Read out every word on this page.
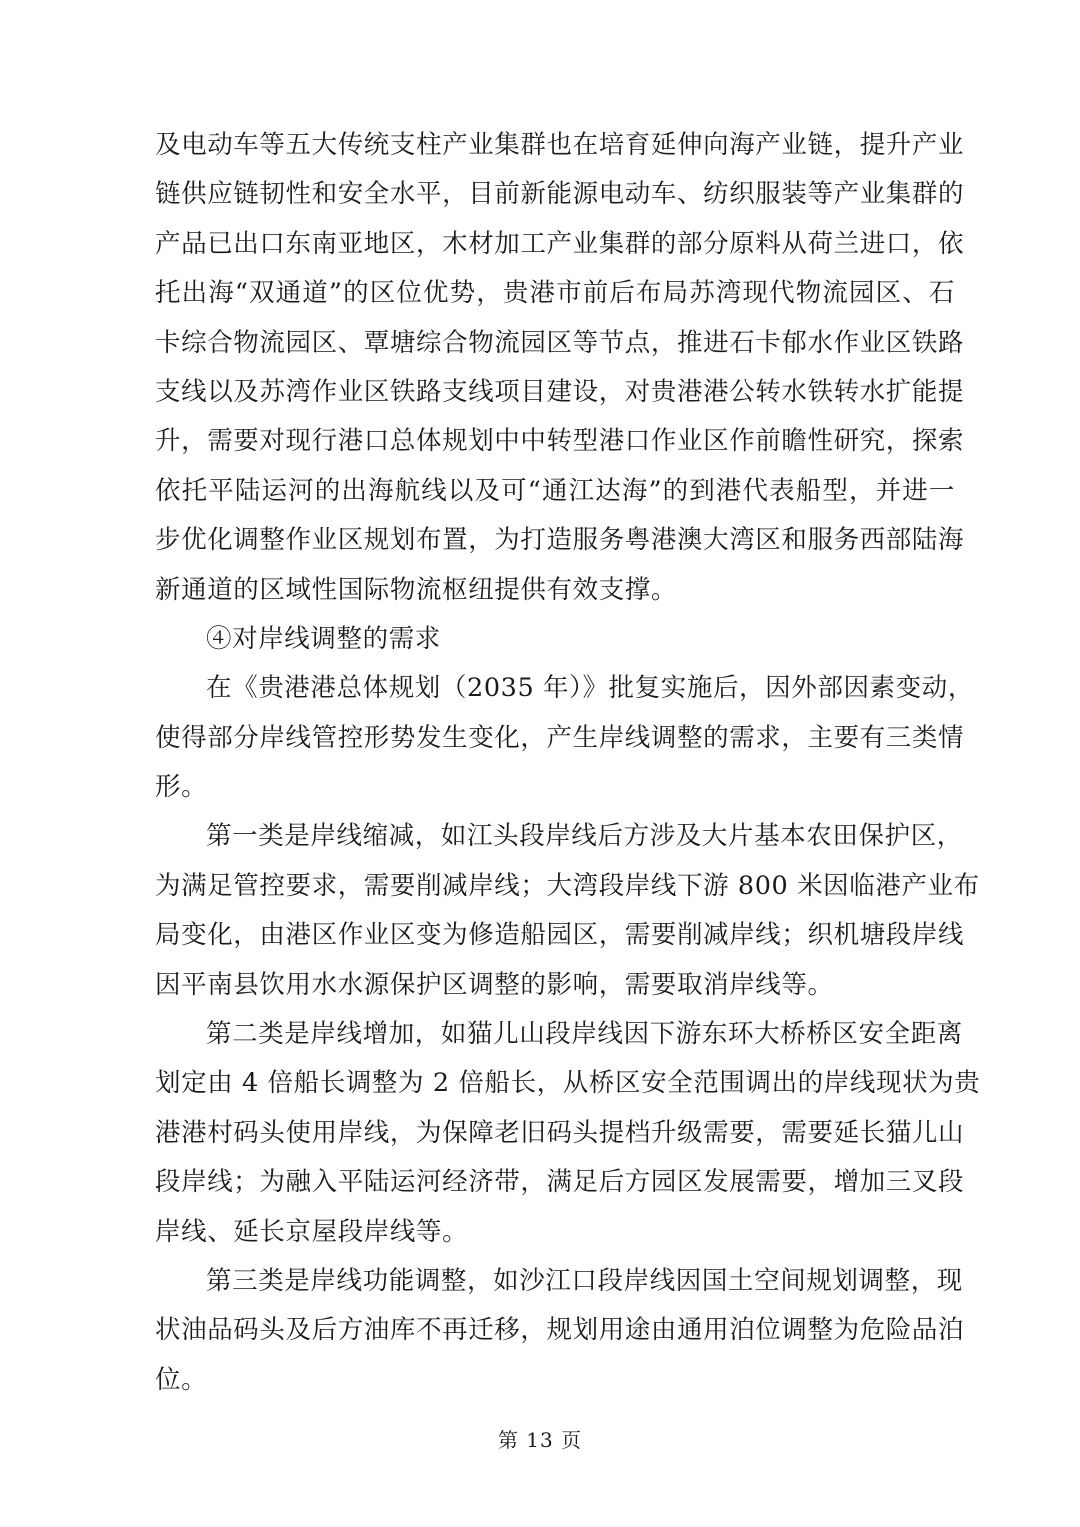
及电动车等五大传统支柱产业集群也在培育延伸向海产业链，提升产业
链供应链韧性和安全水平，目前新能源电动车、纺织服装等产业集群的
产品已出口东南亚地区，木材加工产业集群的部分原料从荷兰进口，依
托出海“双通道”的区位优势，贵港市前后布局苏湾现代物流园区、石
卡综合物流园区、覃塘综合物流园区等节点，推进石卡郁水作业区铁路
支线以及苏湾作业区铁路支线项目建设，对贵港港公转水铁转水扩能提
升，需要对现行港口总体规划中中转型港口作业区作前瞻性研究，探索
依托平陆运河的出海航线以及可“通江达海”的到港代表船型，并进一
步优化调整作业区规划布置，为打造服务粤港澳大湾区和服务西部陆海
新通道的区域性国际物流枢纽提供有效支撑。
④对岸线调整的需求
在《贵港港总体规划（2035 年）》批复实施后，因外部因素变动，
使得部分岸线管控形势发生变化，产生岸线调整的需求，主要有三类情
形。
第一类是岸线缩减，如江头段岸线后方涉及大片基本农田保护区，
为满足管控要求，需要削减岸线；大湾段岸线下游 800 米因临港产业布
局变化，由港区作业区变为修造船园区，需要削减岸线；织机塘段岸线
因平南县饮用水水源保护区调整的影响，需要取消岸线等。
第二类是岸线增加，如猫儿山段岸线因下游东环大桥桥区安全距离
划定由 4 倍船长调整为 2 倍船长，从桥区安全范围调出的岸线现状为贵
港港村码头使用岸线，为保障老旧码头提档升级需要，需要延长猫儿山
段岸线；为融入平陆运河经济带，满足后方园区发展需要，增加三叉段
岸线、延长京屋段岸线等。
第三类是岸线功能调整，如沙江口段岸线因国土空间规划调整，现
状油品码头及后方油库不再迁移，规划用途由通用泊位调整为危险品泊
位。
第 13 页
